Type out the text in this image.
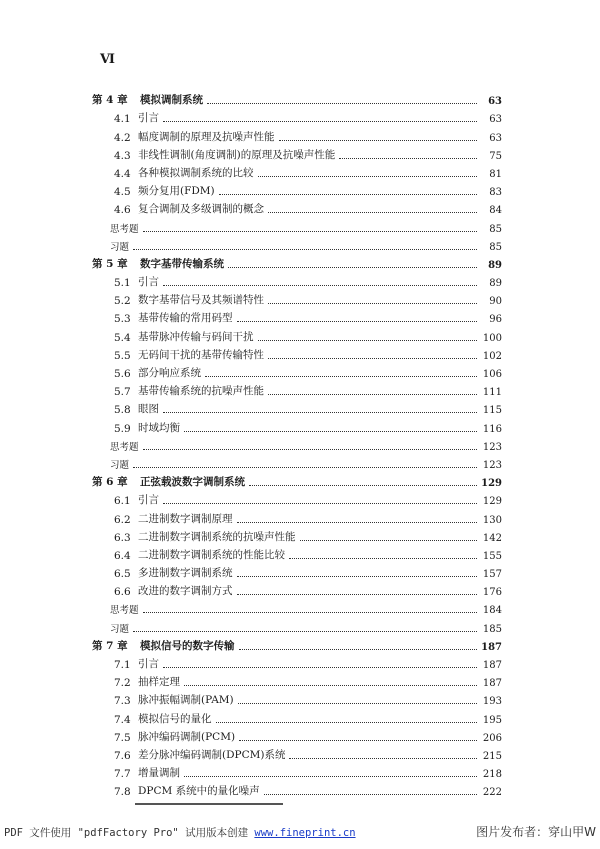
Ⅵ
第 4 章	模拟调制系统	63
4.1 引言	63
4.2 幅度调制的原理及抗噪声性能	63
4.3 非线性调制(角度调制)的原理及抗噪声性能	75
4.4 各种模拟调制系统的比较	81
4.5 频分复用(FDM)	83
4.6 复合调制及多级调制的概念	84
思考题	85
习题	85
第 5 章	数字基带传输系统	89
5.1 引言	89
5.2 数字基带信号及其频谱特性	90
5.3 基带传输的常用码型	96
5.4 基带脉冲传输与码间干扰	100
5.5 无码间干扰的基带传输特性	102
5.6 部分响应系统	106
5.7 基带传输系统的抗噪声性能	111
5.8 眼图	115
5.9 时域均衡	116
思考题	123
习题	123
第 6 章	正弦载波数字调制系统	129
6.1 引言	129
6.2 二进制数字调制原理	130
6.3 二进制数字调制系统的抗噪声性能	142
6.4 二进制数字调制系统的性能比较	155
6.5 多进制数字调制系统	157
6.6 改进的数字调制方式	176
思考题	184
习题	185
第 7 章	模拟信号的数字传输	187
7.1 引言	187
7.2 抽样定理	187
7.3 脉冲振幅调制(PAM)	193
7.4 模拟信号的量化	195
7.5 脉冲编码调制(PCM)	206
7.6 差分脉冲编码调制(DPCM)系统	215
7.7 增量调制	218
7.8 DPCM 系统中的量化噪声	222
PDF 文件使用 "pdfFactory Pro" 试用版本创建 www.fineprint.cn	图片发布者：穿山甲W
